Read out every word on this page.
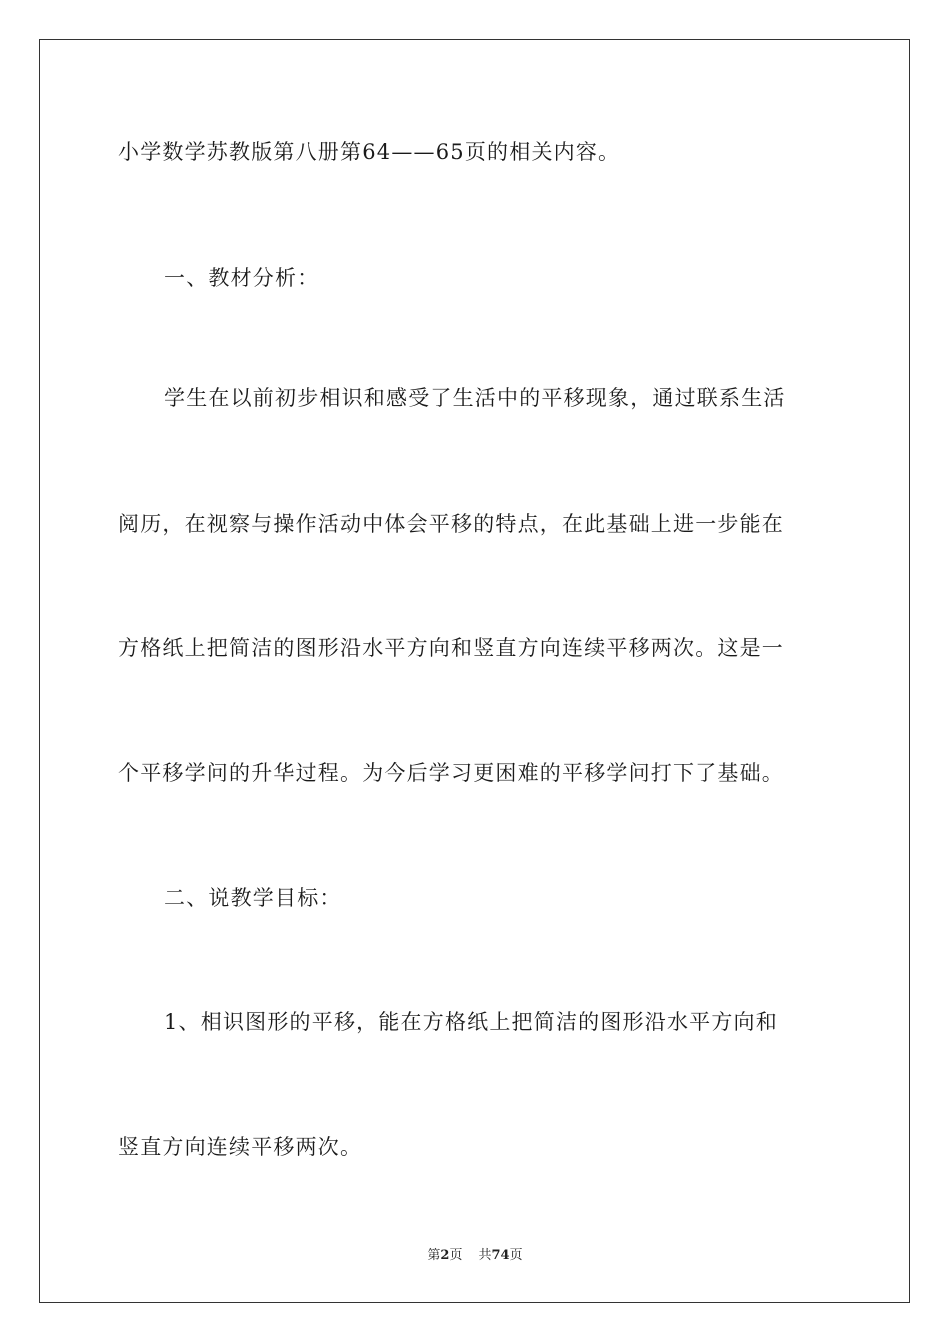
小学数学苏教版第八册第64——65页的相关内容。
一、教材分析：
学生在以前初步相识和感受了生活中的平移现象，通过联系生活
阅历，在视察与操作活动中体会平移的特点，在此基础上进一步能在
方格纸上把简洁的图形沿水平方向和竖直方向连续平移两次。这是一
个平移学问的升华过程。为今后学习更困难的平移学问打下了基础。
二、说教学目标：
1、相识图形的平移，能在方格纸上把简洁的图形沿水平方向和
竖直方向连续平移两次。
第2页 共74页
